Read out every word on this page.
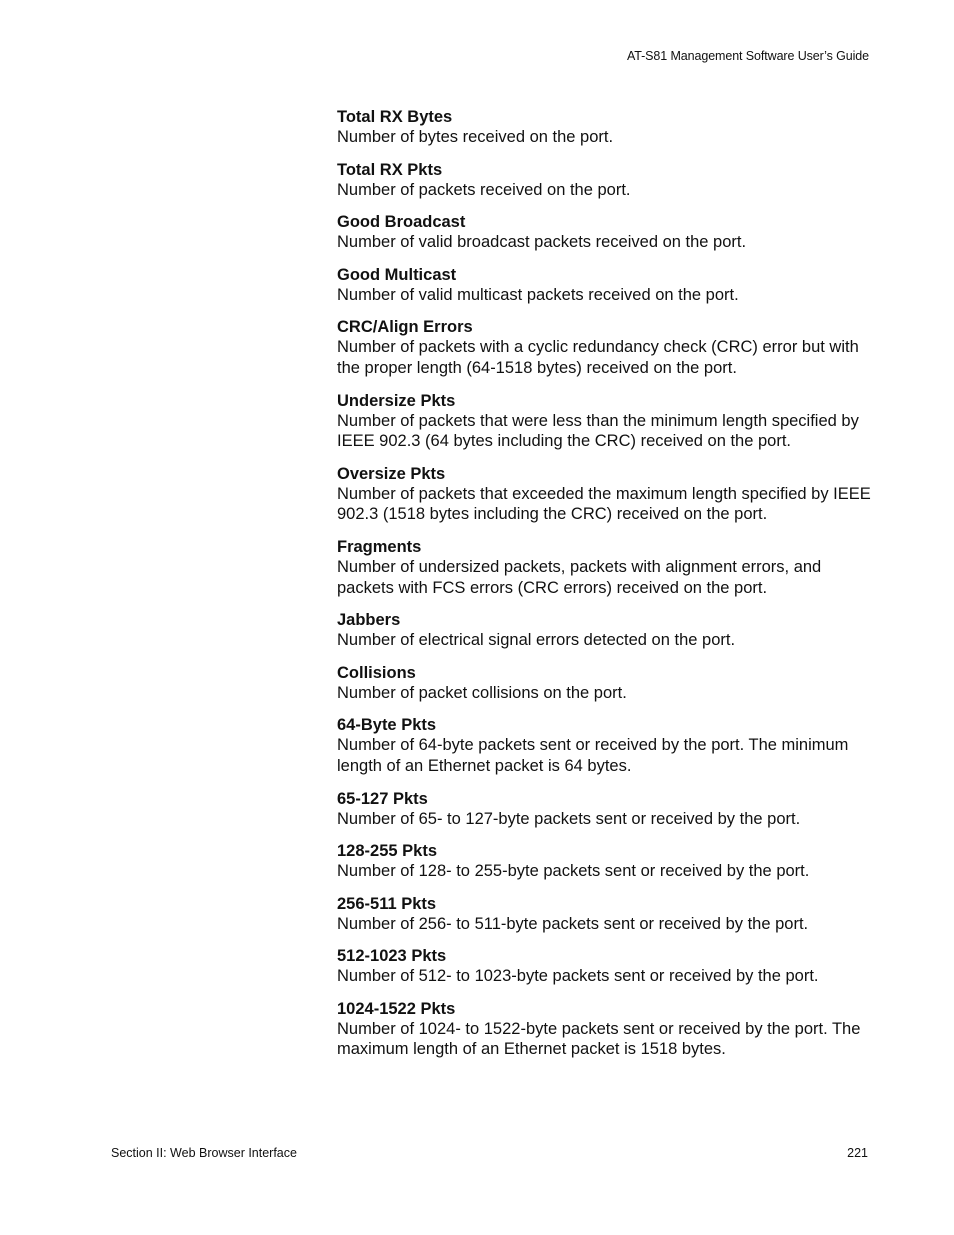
AT-S81 Management Software User’s Guide
Total RX Bytes
Number of bytes received on the port.
Total RX Pkts
Number of packets received on the port.
Good Broadcast
Number of valid broadcast packets received on the port.
Good Multicast
Number of valid multicast packets received on the port.
CRC/Align Errors
Number of packets with a cyclic redundancy check (CRC) error but with the proper length (64-1518 bytes) received on the port.
Undersize Pkts
Number of packets that were less than the minimum length specified by IEEE 902.3 (64 bytes including the CRC) received on the port.
Oversize Pkts
Number of packets that exceeded the maximum length specified by IEEE 902.3 (1518 bytes including the CRC) received on the port.
Fragments
Number of undersized packets, packets with alignment errors, and packets with FCS errors (CRC errors) received on the port.
Jabbers
Number of electrical signal errors detected on the port.
Collisions
Number of packet collisions on the port.
64-Byte Pkts
Number of 64-byte packets sent or received by the port. The minimum length of an Ethernet packet is 64 bytes.
65-127 Pkts
Number of 65- to 127-byte packets sent or received by the port.
128-255 Pkts
Number of 128- to 255-byte packets sent or received by the port.
256-511 Pkts
Number of 256- to 511-byte packets sent or received by the port.
512-1023 Pkts
Number of 512- to 1023-byte packets sent or received by the port.
1024-1522 Pkts
Number of 1024- to 1522-byte packets sent or received by the port. The maximum length of an Ethernet packet is 1518 bytes.
Section II: Web Browser Interface	221
